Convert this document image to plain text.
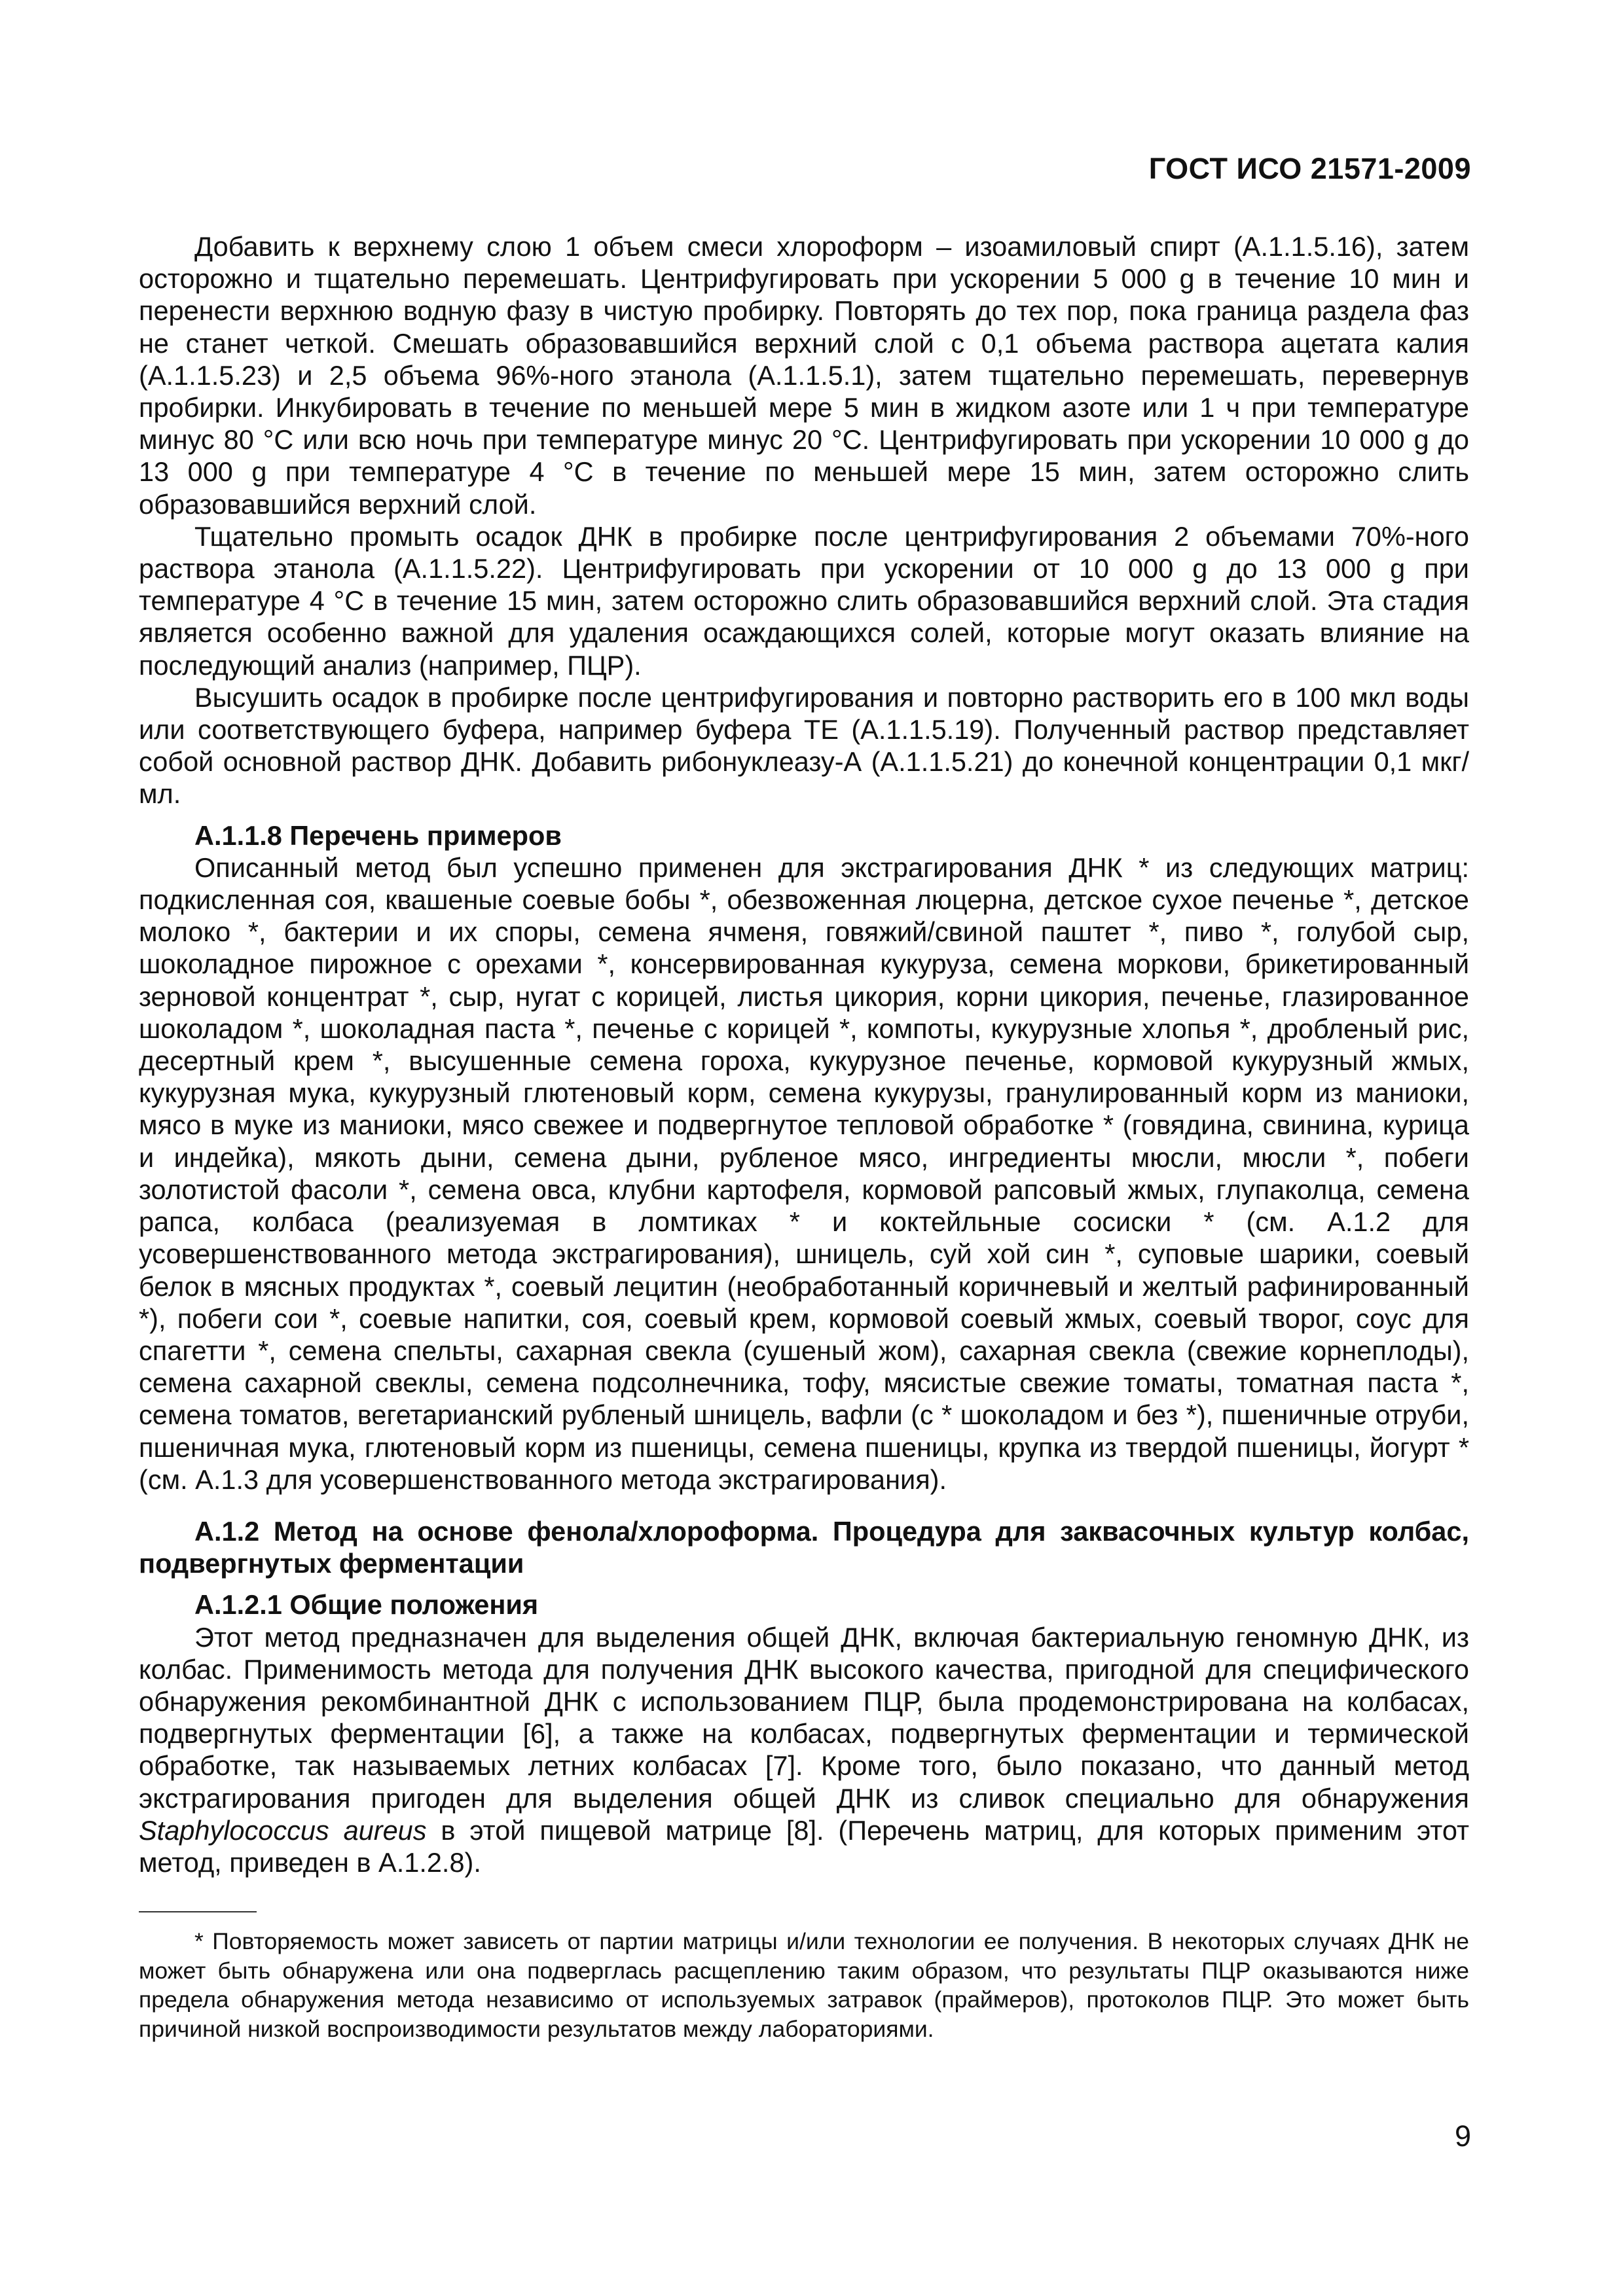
ГОСТ ИСО 21571-2009

Добавить к верхнему слою 1 объем смеси хлороформ – изоамиловый спирт (А.1.1.5.16), затем осторожно и тщательно перемешать. Центрифугировать при ускорении 5 000 g в течение 10 мин и перенести верхнюю водную фазу в чистую пробирку. Повторять до тех пор, пока граница раздела фаз не станет четкой. Смешать образовавшийся верхний слой с 0,1 объема раствора ацетата калия (А.1.1.5.23) и 2,5 объема 96%-ного этанола (А.1.1.5.1), затем тщательно перемешать, перевернув пробирки. Инкубировать в течение по меньшей мере 5 мин в жидком азоте или 1 ч при температуре минус 80 °С или всю ночь при температуре минус 20 °С. Центрифугировать при ускорении 10 000 g до 13 000 g при температуре 4 °С в течение по меньшей мере 15 мин, затем осторожно слить образовавшийся верхний слой.

Тщательно промыть осадок ДНК в пробирке после центрифугирования 2 объемами 70%-ного раствора этанола (А.1.1.5.22). Центрифугировать при ускорении от 10 000 g до 13 000 g при температуре 4 °С в течение 15 мин, затем осторожно слить образовавшийся верхний слой. Эта стадия является особенно важной для удаления осаждающихся солей, которые могут оказать влияние на последующий анализ (например, ПЦР).

Высушить осадок в пробирке после центрифугирования и повторно растворить его в 100 мкл воды или соответствующего буфера, например буфера ТЕ (А.1.1.5.19). Полученный раствор представляет собой основной раствор ДНК. Добавить рибонуклеазу-А (А.1.1.5.21) до конечной концентрации 0,1 мкг/мл.

А.1.1.8 Перечень примеров

Описанный метод был успешно применен для экстрагирования ДНК * из следующих матриц: подкисленная соя, квашеные соевые бобы *, обезвоженная люцерна, детское сухое печенье *, детское молоко *, бактерии и их споры, семена ячменя, говяжий/свиной паштет *, пиво *, голубой сыр, шоколадное пирожное с орехами *, консервированная кукуруза, семена моркови, брикетированный зерновой концентрат *, сыр, нугат с корицей, листья цикория, корни цикория, печенье, глазированное шоколадом *, шоколадная паста *, печенье с корицей *, компоты, кукурузные хлопья *, дробленый рис, десертный крем *, высушенные семена гороха, кукурузное печенье, кормовой кукурузный жмых, кукурузная мука, кукурузный глютеновый корм, семена кукурузы, гранулированный корм из маниоки, мясо в муке из маниоки, мясо свежее и подвергнутое тепловой обработке * (говядина, свинина, курица и индейка), мякоть дыни, семена дыни, рубленое мясо, ингредиенты мюсли, мюсли *, побеги золотистой фасоли *, семена овса, клубни картофеля, кормовой рапсовый жмых, глупаколца, семена рапса, колбаса (реализуемая в ломтиках * и коктейльные сосиски * (см. А.1.2 для усовершенствованного метода экстрагирования), шницель, суй хой син *, суповые шарики, соевый белок в мясных продуктах *, соевый лецитин (необработанный коричневый и желтый рафинированный *), побеги сои *, соевые напитки, соя, соевый крем, кормовой соевый жмых, соевый творог, соус для спагетти *, семена спельты, сахарная свекла (сушеный жом), сахарная свекла (свежие корнеплоды), семена сахарной свеклы, семена подсолнечника, тофу, мясистые свежие томаты, томатная паста *, семена томатов, вегетарианский рубленый шницель, вафли (с * шоколадом и без *), пшеничные отруби, пшеничная мука, глютеновый корм из пшеницы, семена пшеницы, крупка из твердой пшеницы, йогурт * (см. А.1.3 для усовершенствованного метода экстрагирования).

А.1.2 Метод на основе фенола/хлороформа. Процедура для заквасочных культур колбас, подвергнутых ферментации
А.1.2.1 Общие положения

Этот метод предназначен для выделения общей ДНК, включая бактериальную геномную ДНК, из колбас. Применимость метода для получения ДНК высокого качества, пригодной для специфического обнаружения рекомбинантной ДНК с использованием ПЦР, была продемонстрирована на колбасах, подвергнутых ферментации [6], а также на колбасах, подвергнутых ферментации и термической обработке, так называемых летних колбасах [7]. Кроме того, было показано, что данный метод экстрагирования пригоден для выделения общей ДНК из сливок специально для обнаружения Staphylococcus aureus в этой пищевой матрице [8]. (Перечень матриц, для которых применим этот метод, приведен в А.1.2.8).

* Повторяемость может зависеть от партии матрицы и/или технологии ее получения. В некоторых случаях ДНК не может быть обнаружена или она подверглась расщеплению таким образом, что результаты ПЦР оказываются ниже предела обнаружения метода независимо от используемых затравок (праймеров), протоколов ПЦР. Это может быть причиной низкой воспроизводимости результатов между лабораториями.

9
